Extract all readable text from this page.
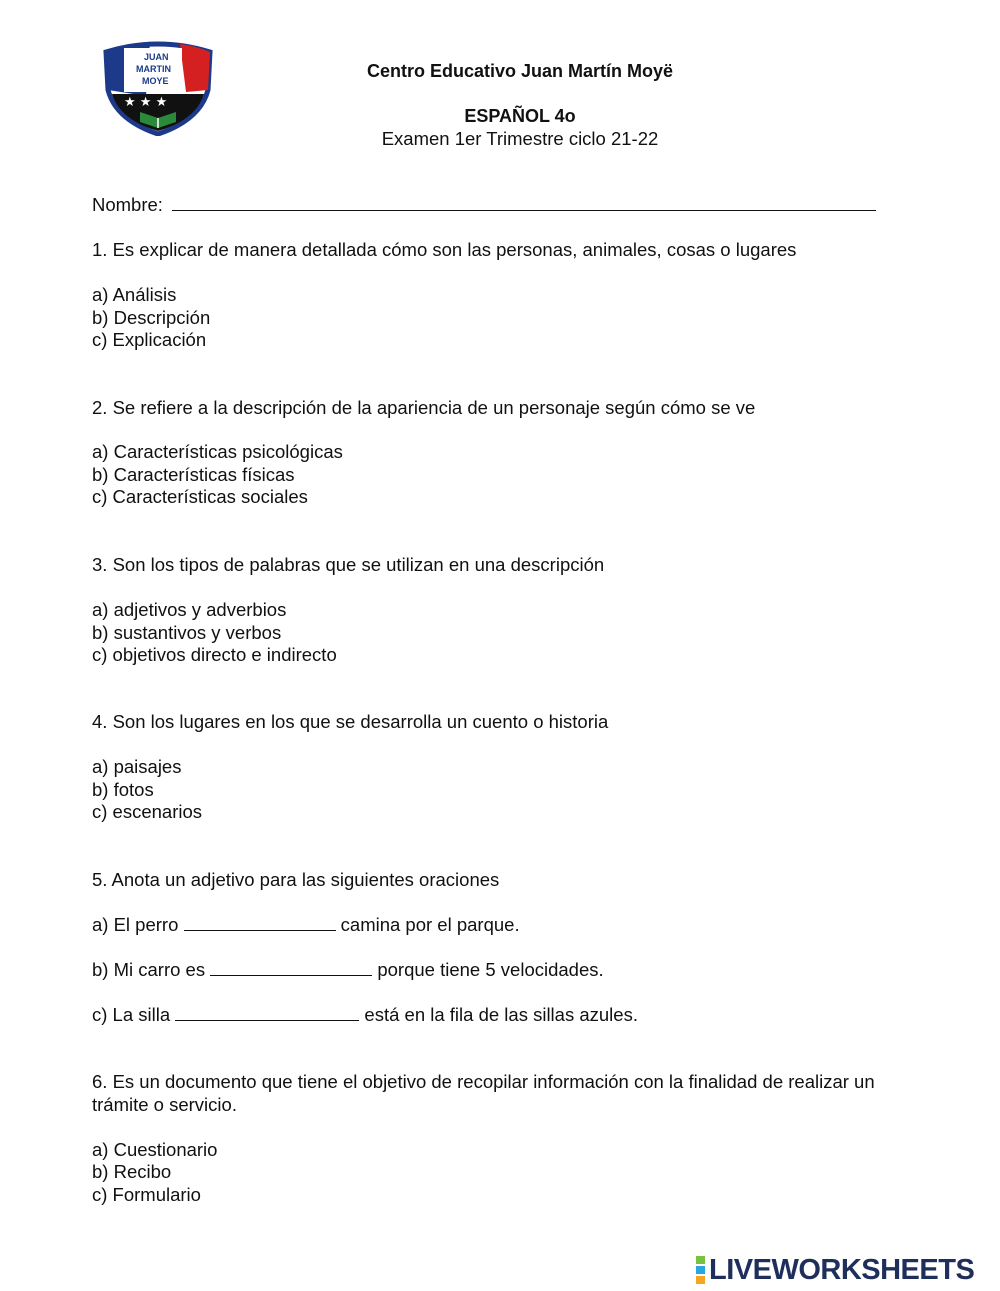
JUAN
MARTIN
MOYE
★ ★ ★
Centro Educativo Juan Martín Moyë
ESPAÑOL 4o
Examen 1er Trimestre ciclo 21-22
Nombre:
1. Es explicar de manera detallada cómo son las personas, animales, cosas o lugares
a) Análisis
b) Descripción
c) Explicación
2. Se refiere a la descripción de la apariencia de un personaje según cómo se ve
a) Características psicológicas
b) Características físicas
c) Características sociales
3. Son los tipos de palabras que se utilizan en una descripción
a) adjetivos y adverbios
b) sustantivos y verbos
c) objetivos directo e indirecto
4. Son los lugares en los que se desarrolla un cuento o historia
a) paisajes
b) fotos
c) escenarios
5. Anota un adjetivo para las siguientes oraciones
a) El perro	camina por el parque.
b) Mi carro es	porque tiene 5 velocidades.
c) La silla	está en la fila de las sillas azules.
6. Es un documento que tiene el objetivo de recopilar información con la finalidad de realizar un
trámite o servicio.
a) Cuestionario
b) Recibo
c) Formulario
LIVEWORKSHEETS
